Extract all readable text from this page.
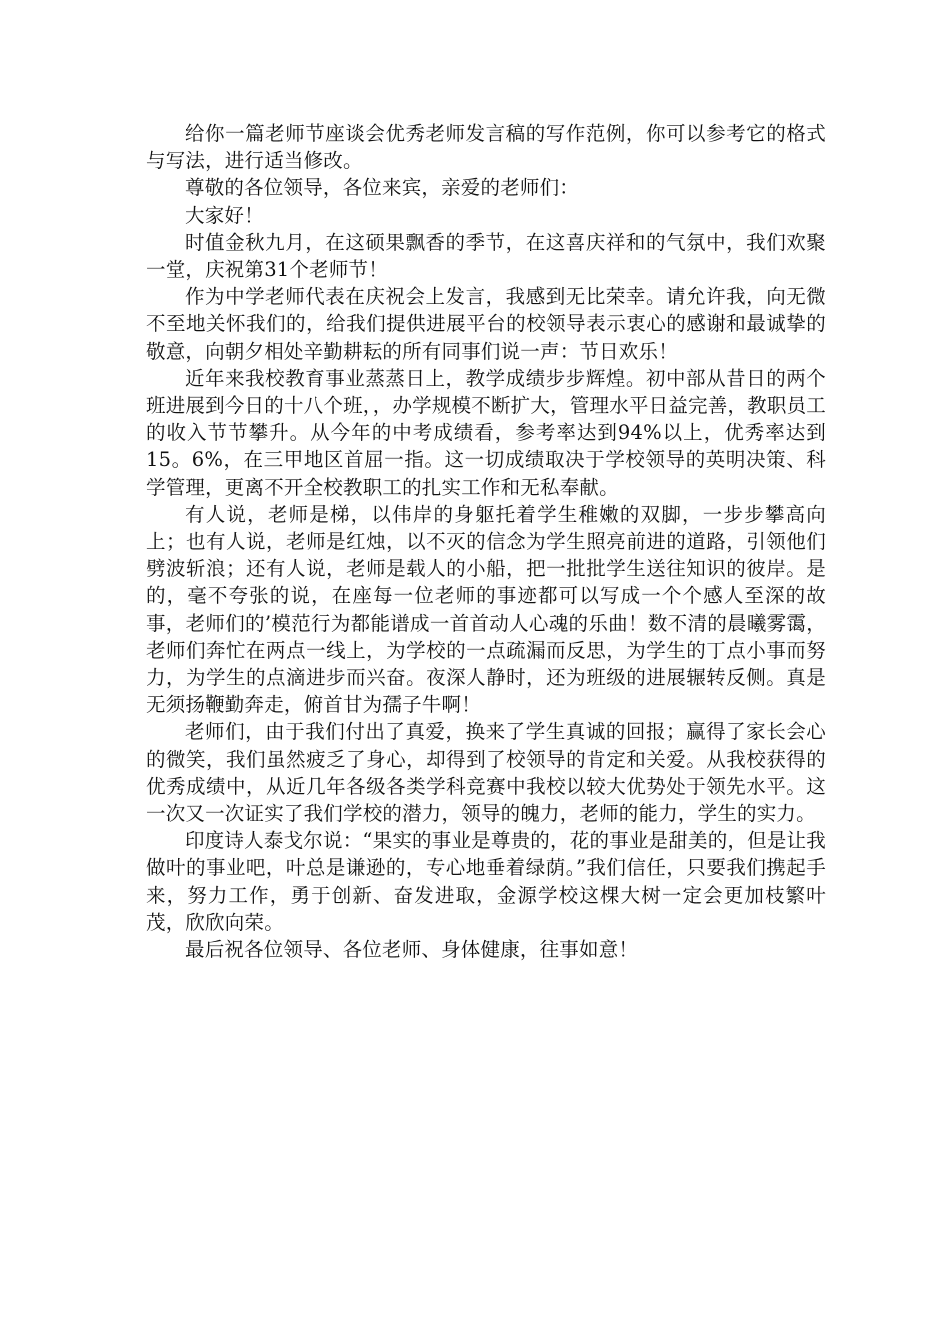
给你一篇老师节座谈会优秀老师发言稿的写作范例，你可以参考它的格式与写法，进行适当修改。

尊敬的各位领导，各位来宾，亲爱的老师们：

大家好！

时值金秋九月，在这硕果飘香的季节，在这喜庆祥和的气氛中，我们欢聚一堂，庆祝第31个老师节！

作为中学老师代表在庆祝会上发言，我感到无比荣幸。请允许我，向无微不至地关怀我们的，给我们提供进展平台的校领导表示衷心的感谢和最诚挚的敬意，向朝夕相处辛勤耕耘的所有同事们说一声：节日欢乐！

近年来我校教育事业蒸蒸日上，教学成绩步步辉煌。初中部从昔日的两个班进展到今日的十八个班，，办学规模不断扩大，管理水平日益完善，教职员工的收入节节攀升。从今年的中考成绩看，参考率达到94%以上，优秀率达到15。6%，在三甲地区首屈一指。这一切成绩取决于学校领导的英明决策、科学管理，更离不开全校教职工的扎实工作和无私奉献。

有人说，老师是梯，以伟岸的身躯托着学生稚嫩的双脚，一步步攀高向上；也有人说，老师是红烛，以不灭的信念为学生照亮前进的道路，引领他们劈波斩浪；还有人说，老师是载人的小船，把一批批学生送往知识的彼岸。是的，毫不夸张的说，在座每一位老师的事迹都可以写成一个个感人至深的故事，老师们的’模范行为都能谱成一首首动人心魂的乐曲！数不清的晨曦雾霭，老师们奔忙在两点一线上，为学校的一点疏漏而反思，为学生的丁点小事而努力，为学生的点滴进步而兴奋。夜深人静时，还为班级的进展辗转反侧。真是无须扬鞭勤奔走，俯首甘为孺子牛啊！

老师们，由于我们付出了真爱，换来了学生真诚的回报；赢得了家长会心的微笑，我们虽然疲乏了身心，却得到了校领导的肯定和关爱。从我校获得的优秀成绩中，从近几年各级各类学科竞赛中我校以较大优势处于领先水平。这一次又一次证实了我们学校的潜力，领导的魄力，老师的能力，学生的实力。

印度诗人泰戈尔说：“果实的事业是尊贵的，花的事业是甜美的，但是让我做叶的事业吧，叶总是谦逊的，专心地垂着绿荫。”我们信任，只要我们携起手来，努力工作，勇于创新、奋发进取，金源学校这棵大树一定会更加枝繁叶茂，欣欣向荣。

最后祝各位领导、各位老师、身体健康，往事如意！
